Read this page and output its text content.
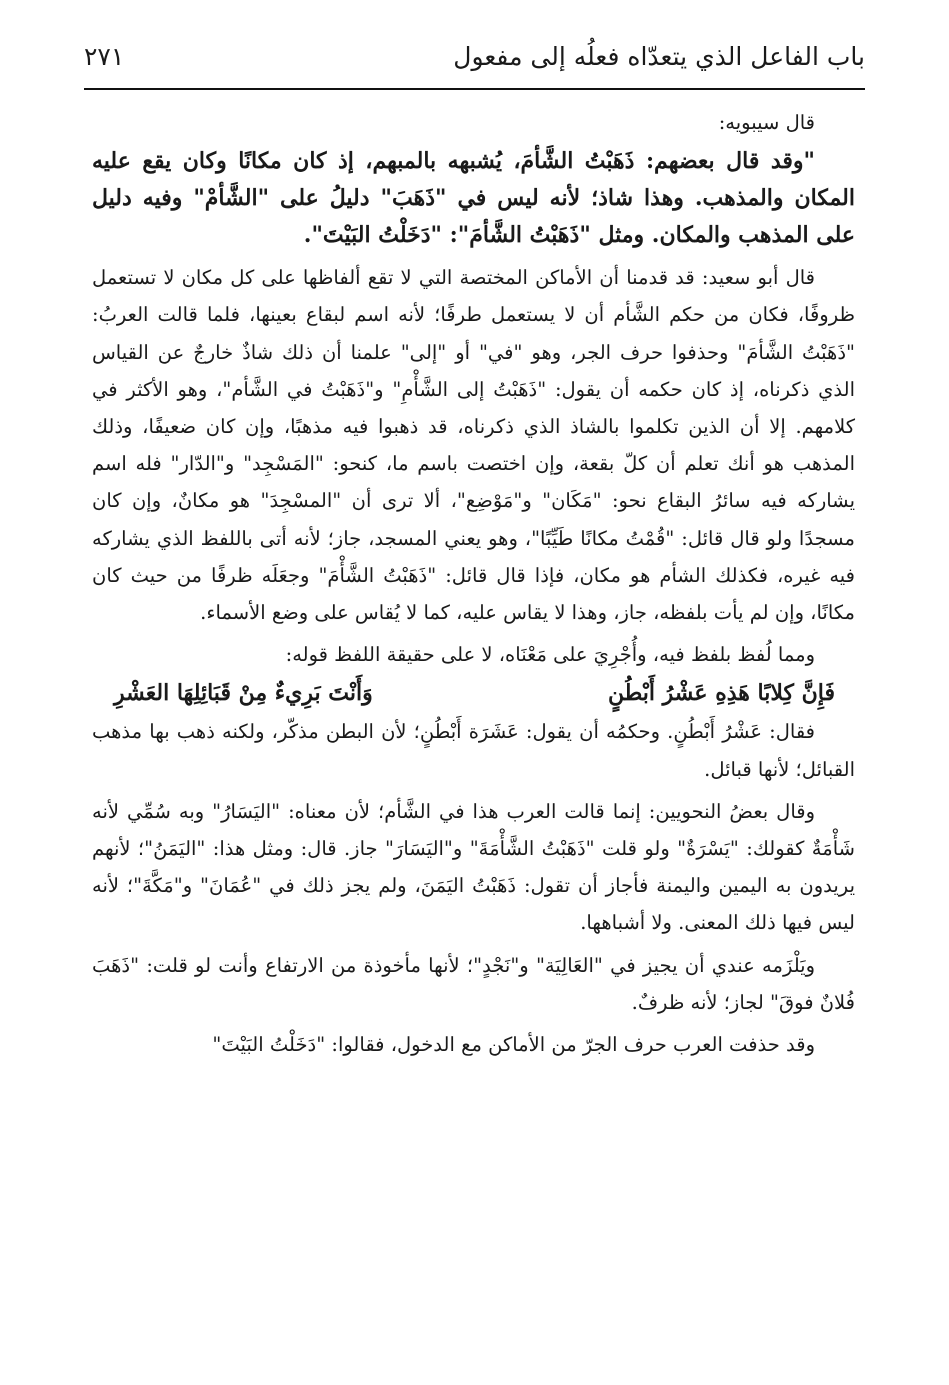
باب الفاعل الذي يتعدّاه فعلُه إلى مفعول
٢٧١

قال سيبويه:

"وقد قال بعضهم: ذَهَبْتُ الشَّأمَ، يُشبهه بالمبهم، إذ كان مكانًا وكان يقع عليه المكان والمذهب. وهذا شاذ؛ لأنه ليس في "ذَهَبَ" دليلُ على "الشَّأمْ" وفيه دليل على المذهب والمكان. ومثل "ذَهَبْتُ الشَّأمَ": "دَخَلْتُ البَيْتَ".

قال أبو سعيد: قد قدمنا أن الأماكن المختصة التي لا تقع ألفاظها على كل مكان لا تستعمل ظروفًا، فكان من حكم الشَّأم أن لا يستعمل طرفًا؛ لأنه اسم لبقاع بعينها، فلما قالت العربُ: "ذَهَبْتُ الشَّأمَ" وحذفوا حرف الجر، وهو "في" أو "إلى" علمنا أن ذلك شاذٌ خارجٌ عن القياس الذي ذكرناه، إذ كان حكمه أن يقول: "ذَهَبْتُ إلى الشَّأْمِ" و"ذَهَبْتُ في الشَّأم"، وهو الأكثر في كلامهم. إلا أن الذين تكلموا بالشاذ الذي ذكرناه، قد ذهبوا فيه مذهبًا، وإن كان ضعيفًا، وذلك المذهب هو أنك تعلم أن كلّ بقعة، وإن اختصت باسم ما، كنحو: "المَسْجِد" و"الدّار" فله اسم يشاركه فيه سائرُ البقاع نحو: "مَكَان" و"مَوْضِع"، ألا ترى أن "المسْجِدَ" هو مكانٌ، وإن كان مسجدًا ولو قال قائل: "قُمْتُ مكانًا طَيِّبًا"، وهو يعني المسجد، جاز؛ لأنه أتى باللفظ الذي يشاركه فيه غيره، فكذلك الشأم هو مكان، فإذا قال قائل: "ذَهَبْتُ الشَّأْمَ" وجعَلَه ظرفًا من حيث كان مكانًا، وإن لم يأت بلفظه، جاز، وهذا لا يقاس عليه، كما لا يُقاس على وضع الأسماء.

ومما لُفظ بلفظ فيه، وأُجْرِيَ على مَعْنَاه، لا على حقيقة اللفظ قوله:

فَإِنَّ كِلابًا هَذِهِ عَشْرُ أَبْطُنٍ
وَأَنْتَ بَرِيءٌ مِنْ قَبَائِلِهَا العَشْرِ

فقال: عَشْرُ أَبْطُنٍ. وحكمُه أن يقول: عَشَرَة أَبْطُنٍ؛ لأن البطن مذكّر، ولكنه ذهب بها مذهب القبائل؛ لأنها قبائل.

وقال بعضُ النحويين: إنما قالت العرب هذا في الشَّأم؛ لأن معناه: "اليَسَارُ" وبه سُمِّي لأنه شَأْمَةٌ كقولك: "يَسْرَةٌ" ولو قلت "ذَهَبْتُ الشَّأْمَةَ" و"اليَسَارَ" جاز. قال: ومثل هذا: "اليَمَنُ"؛ لأنهم يريدون به اليمين واليمنة فأجاز أن تقول: ذَهَبْتُ اليَمَنَ، ولم يجز ذلك في "عُمَانَ" و"مَكَّةَ"؛ لأنه ليس فيها ذلك المعنى. ولا أشباهها.

ويَلْزَمه عندي أن يجيز في "العَالِيَة" و"نَجْدٍ"؛ لأنها مأخوذة من الارتفاع وأنت لو قلت: "ذَهَبَ فُلانٌ فوقَ" لجاز؛ لأنه ظرفٌ.

وقد حذفت العرب حرف الجرّ من الأماكن مع الدخول، فقالوا: "دَخَلْتُ البَيْتَ"
